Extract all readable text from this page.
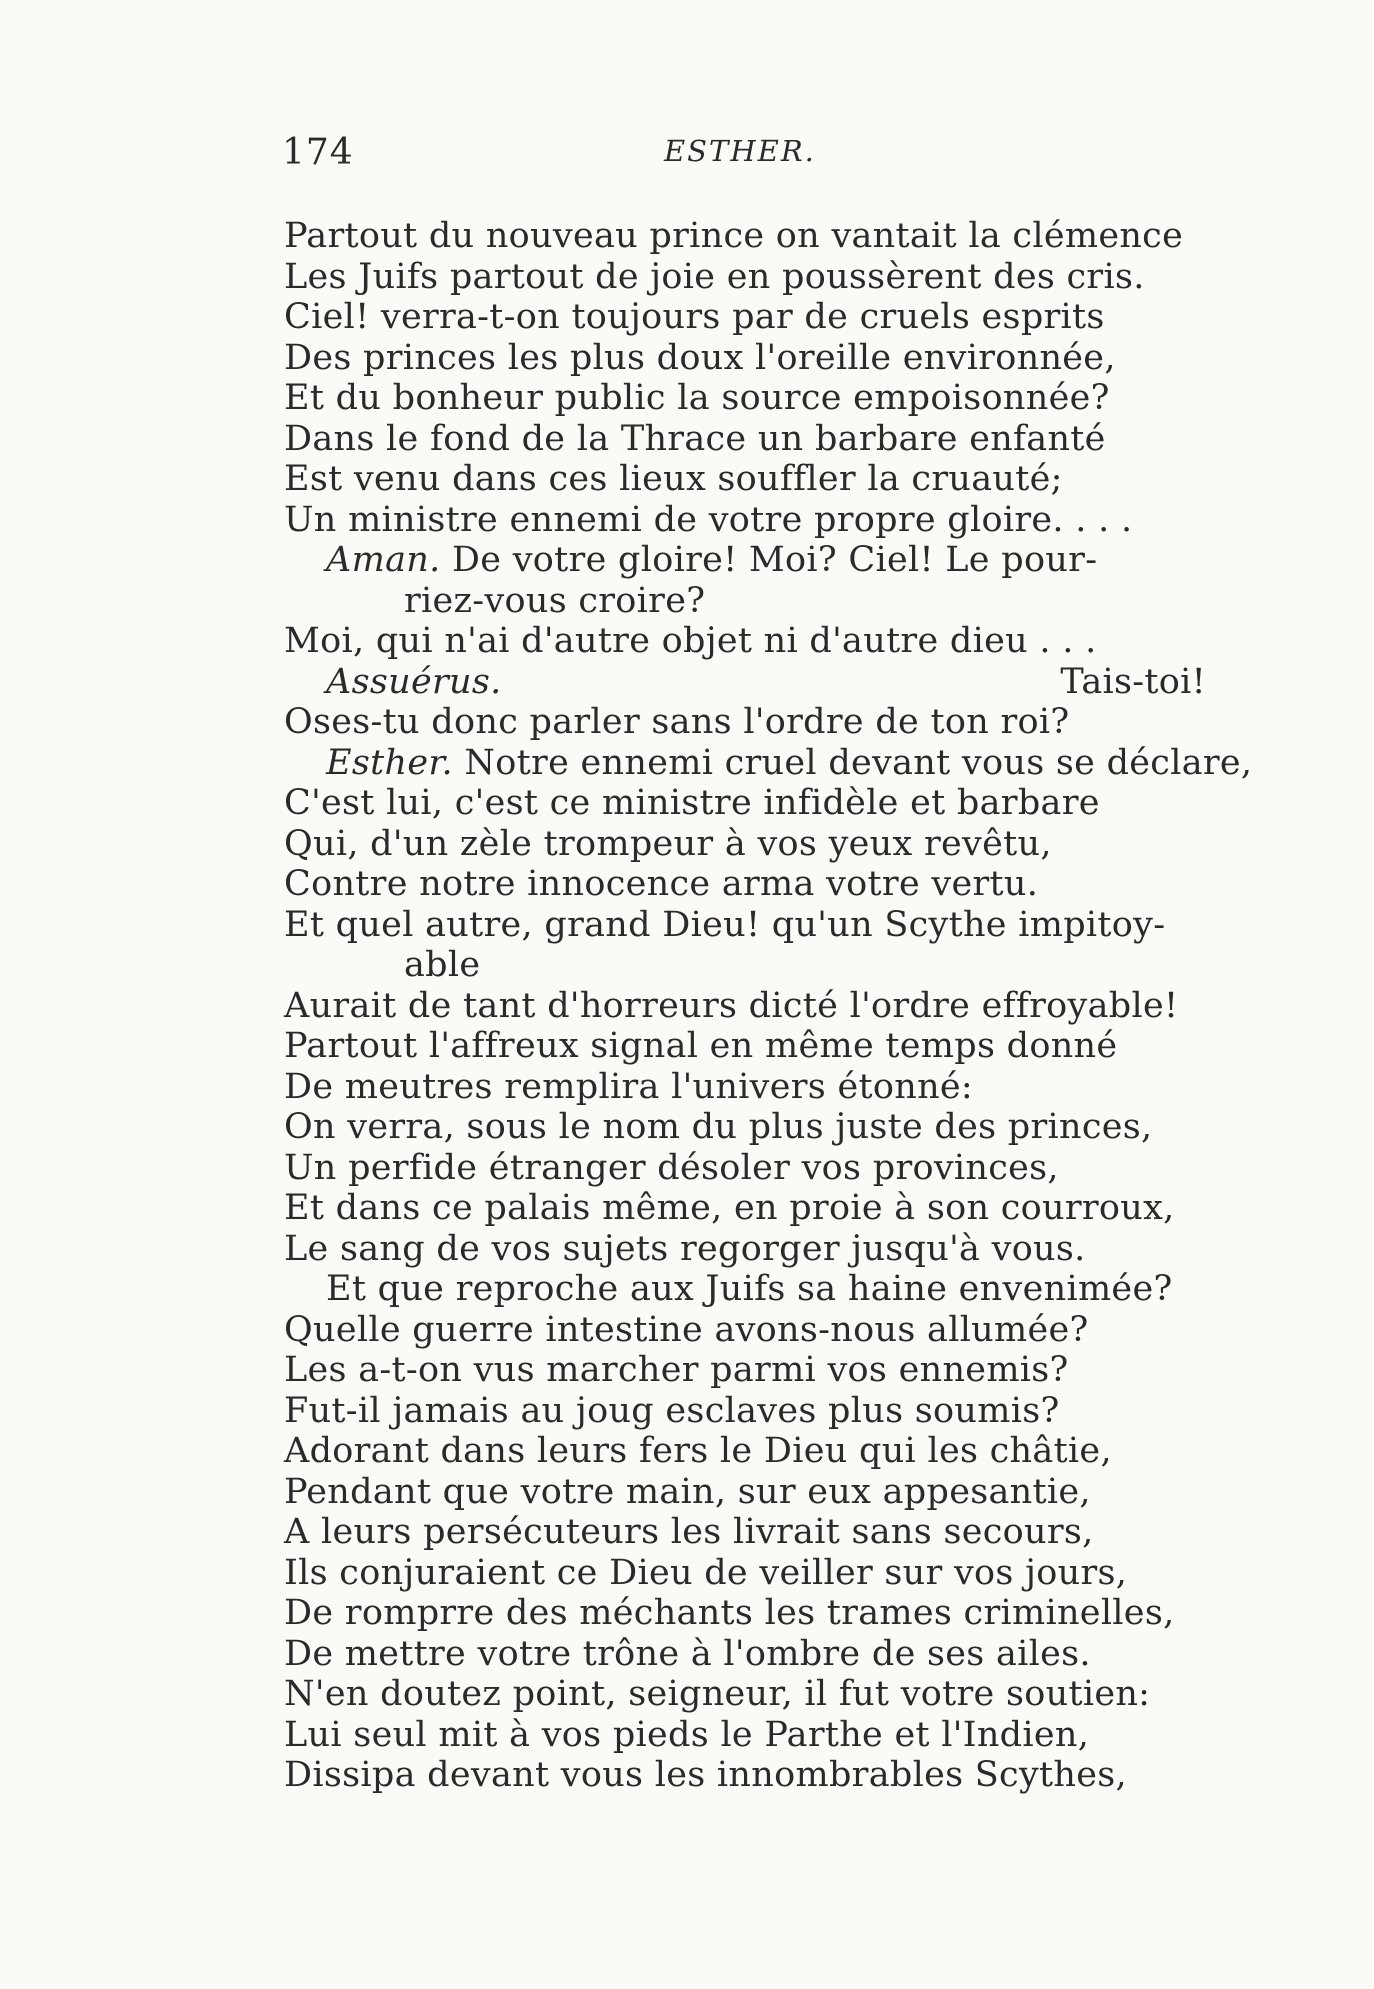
174	ESTHER.
Partout du nouveau prince on vantait la clémence
Les Juifs partout de joie en poussèrent des cris.
Ciel! verra-t-on toujours par de cruels esprits
Des princes les plus doux l'oreille environnée,
Et du bonheur public la source empoisonnée?
Dans le fond de la Thrace un barbare enfanté
Est venu dans ces lieux souffler la cruauté;
Un ministre ennemi de votre propre gloire. . . .
Aman. De votre gloire! Moi? Ciel! Le pour-
riez-vous croire?
Moi, qui n'ai d'autre objet ni d'autre dieu . . .
Assuérus.	Tais-toi!
Oses-tu donc parler sans l'ordre de ton roi?
Esther. Notre ennemi cruel devant vous se déclare,
C'est lui, c'est ce ministre infidèle et barbare
Qui, d'un zèle trompeur à vos yeux revêtu,
Contre notre innocence arma votre vertu.
Et quel autre, grand Dieu! qu'un Scythe impitoy-
able
Aurait de tant d'horreurs dicté l'ordre effroyable!
Partout l'affreux signal en même temps donné
De meutres remplira l'univers étonné:
On verra, sous le nom du plus juste des princes,
Un perfide étranger désoler vos provinces,
Et dans ce palais même, en proie à son courroux,
Le sang de vos sujets regorger jusqu'à vous.
Et que reproche aux Juifs sa haine envenimée?
Quelle guerre intestine avons-nous allumée?
Les a-t-on vus marcher parmi vos ennemis?
Fut-il jamais au joug esclaves plus soumis?
Adorant dans leurs fers le Dieu qui les châtie,
Pendant que votre main, sur eux appesantie,
A leurs persécuteurs les livrait sans secours,
Ils conjuraient ce Dieu de veiller sur vos jours,
De romprre des méchants les trames criminelles,
De mettre votre trône à l'ombre de ses ailes.
N'en doutez point, seigneur, il fut votre soutien:
Lui seul mit à vos pieds le Parthe et l'Indien,
Dissipa devant vous les innombrables Scythes,
